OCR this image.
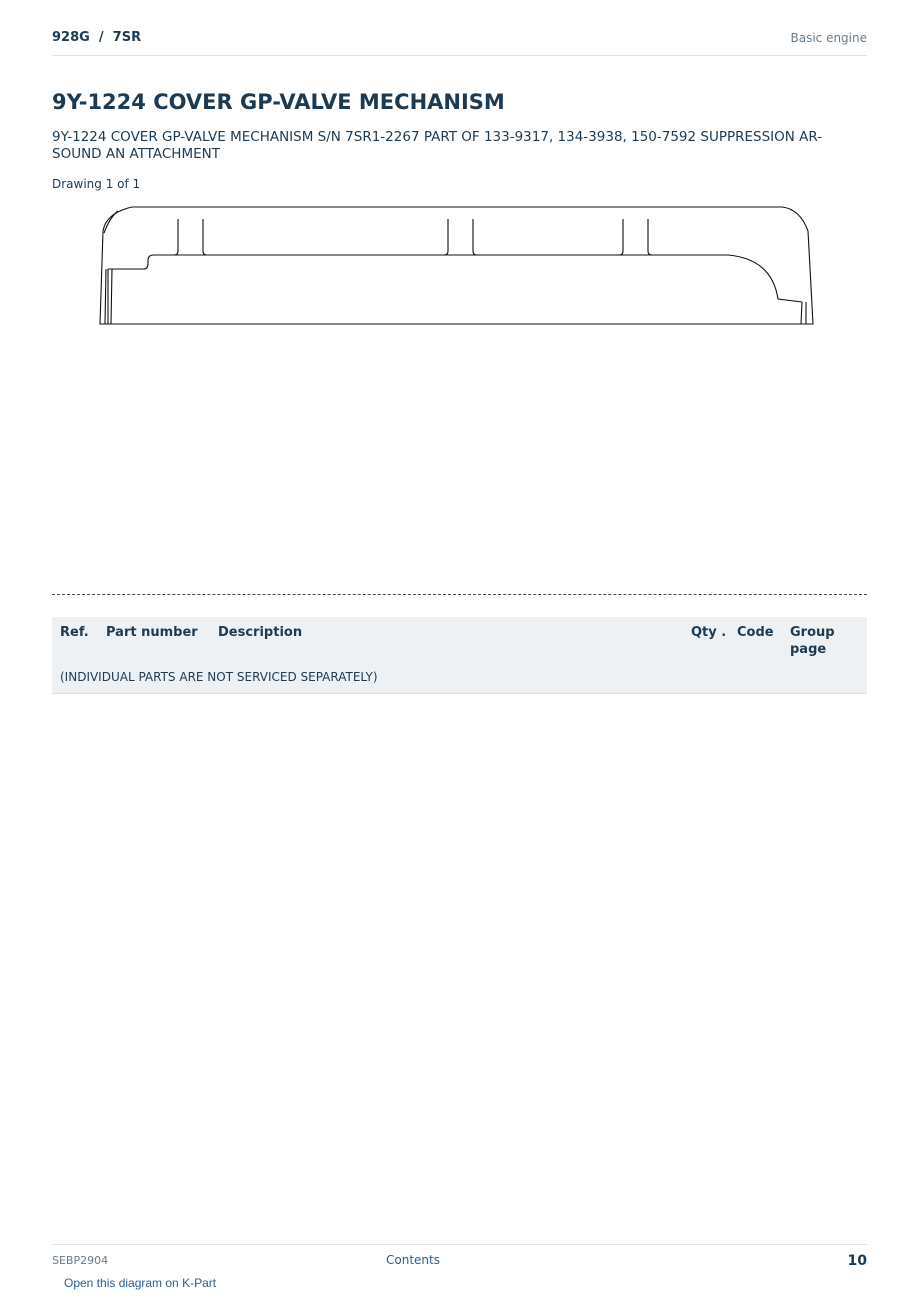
928G  /  7SR	Basic engine
9Y-1224 COVER GP-VALVE MECHANISM
9Y-1224 COVER GP-VALVE MECHANISM S/N 7SR1-2267 PART OF 133-9317, 134-3938, 150-7592 SUPPRESSION AR-SOUND AN ATTACHMENT
Drawing 1 of 1
Ref. Part number Description	Qty . Code Group page
(INDIVIDUAL PARTS ARE NOT SERVICED SEPARATELY)
SEBP2904	Contents	10
Open this diagram on K-Part
